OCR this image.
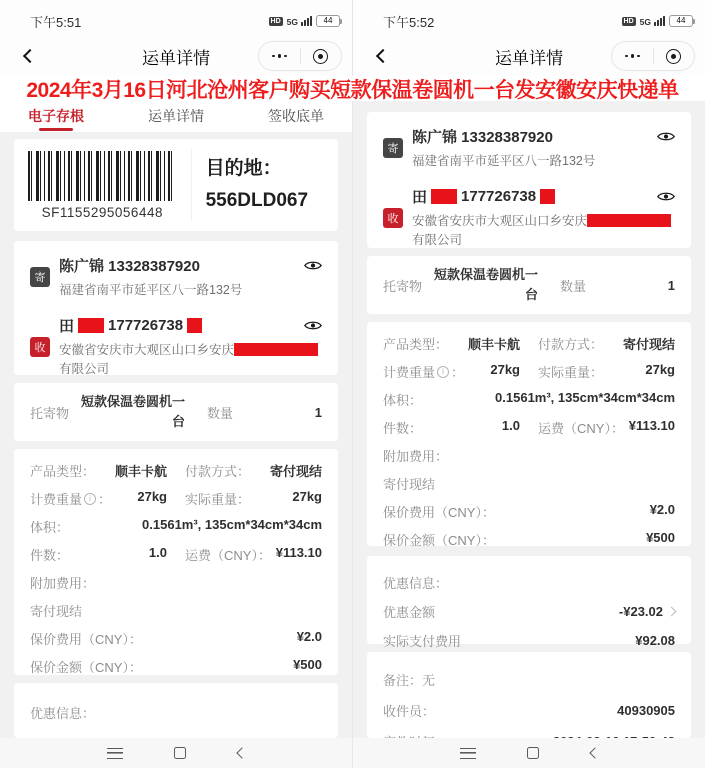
下午5:51	HD 5G	44
运单详情
电子存根	运单详情	签收底单
SF1155295056448
目的地：
556DLD067
寄
陈广锦 13328387920
福建省南平市延平区八一路132号
收
田 177726738
安徽省安庆市大观区山口乡安庆有限公司
托寄物
短款保温卷圆机一台
数量	1
产品类型： 顺丰卡航 付款方式： 寄付现结
计费重量 i ： 27kg 实际重量：	27kg
体积：	0.1561m³, 135cm*34cm*34cm
件数：	1.0 运费（CNY）： ¥113.10
附加费用：
寄付现结
保价费用（CNY）：	¥2.0
保价金额（CNY）：	¥500
优惠信息：
下午5:52	HD 5G	44
运单详情
寄
陈广锦 13328387920
福建省南平市延平区八一路132号
收
田 177726738
安徽省安庆市大观区山口乡安庆有限公司
托寄物
短款保温卷圆机一台
数量	1
产品类型： 顺丰卡航 付款方式： 寄付现结
计费重量 i ： 27kg 实际重量：	27kg
体积：	0.1561m³, 135cm*34cm*34cm
件数：	1.0 运费（CNY）： ¥113.10
附加费用：
寄付现结
保价费用（CNY）：	¥2.0
保价金额（CNY）：	¥500
优惠信息：
优惠金额	-¥23.02
实际支付费用	¥92.08
备注： 无
收件员：	40930905
2024年3月16日河北沧州客户购买短款保温卷圆机一台发安徽安庆快递单
